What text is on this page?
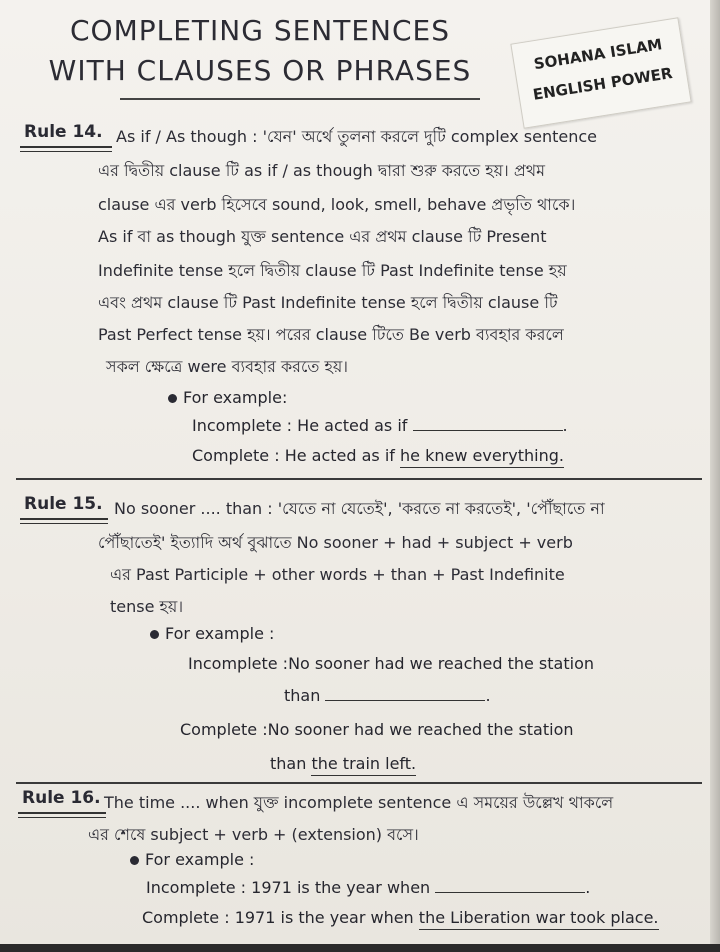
COMPLETING SENTENCES
WITH CLAUSES OR PHRASES	SOHANA ISLAM
ENGLISH POWER
Rule 14. As if / As though : 'যেন' অর্থে তুলনা করলে দুটি complex sentence
এর দ্বিতীয় clause টি as if / as though দ্বারা শুরু করতে হয়। প্রথম
clause এর verb হিসেবে sound, look, smell, behave প্রভৃতি থাকে।
As if বা as though যুক্ত sentence এর প্রথম clause টি Present
Indefinite tense হলে দ্বিতীয় clause টি Past Indefinite tense হয়
এবং প্রথম clause টি Past Indefinite tense হলে দ্বিতীয় clause টি
Past Perfect tense হয়। পরের clause টিতে Be verb ব্যবহার করলে
সকল ক্ষেত্রে were ব্যবহার করতে হয়।
For example:
Incomplete : He acted as if	.
Complete : He acted as if he knew everything.
Rule 15. No sooner .... than : 'যেতে না যেতেই', 'করতে না করতেই', 'পৌঁছাতে না
পৌঁছাতেই' ইত্যাদি অর্থ বুঝাতে No sooner + had + subject + verb
এর Past Participle + other words + than + Past Indefinite
tense হয়।
For example :
Incomplete :No sooner had we reached the station
than	.
Complete :No sooner had we reached the station
than the train left.
Rule 16. The time .... when যুক্ত incomplete sentence এ সময়ের উল্লেখ থাকলে
এর শেষে subject + verb + (extension) বসে।
For example :
Incomplete : 1971 is the year when	.
Complete : 1971 is the year when the Liberation war took place.
